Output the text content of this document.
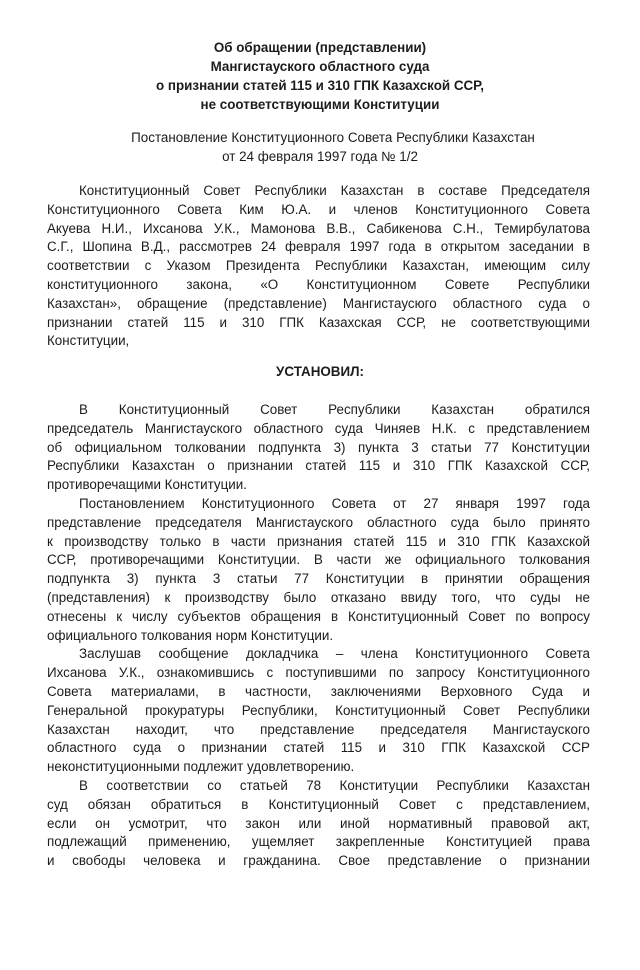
Об обращении (представлении)
Мангистауского областного суда
о признании статей 115 и 310 ГПК Казахской ССР,
не соответствующими Конституции
Постановление Конституционного Совета Республики Казахстан
от 24 февраля 1997 года № 1/2
Конституционный Совет Республики Казахстан в составе Председателя
Конституционного Совета Ким Ю.А. и членов Конституционного Совета
Акуева Н.И., Ихсанова У.К., Мамонова В.В., Сабикенова С.Н., Темирбулатова
С.Г., Шопина В.Д., рассмотрев 24 февраля 1997 года в открытом заседании в
соответствии с Указом Президента Республики Казахстан, имеющим силу
конституционного закона, «О Конституционном Совете Республики
Казахстан», обращение (представление) Мангистаусюго областного суда о
признании статей 115 и 310 ГПК Казахская ССР, не соответствующими
Конституции,
УСТАНОВИЛ:
В Конституционный Совет Республики Казахстан обратился
председатель Мангистауского областного суда Чиняев Н.К. с представлением
об официальном толковании подпункта 3) пункта 3 статьи 77 Конституции
Республики Казахстан о признании статей 115 и 310 ГПК Казахской ССР,
противоречащими Конституции.
Постановлением Конституционного Совета от 27 января 1997 года
представление председателя Мангистауского областного суда было принято
к производству только в части признания статей 115 и 310 ГПК Казахской
ССР, противоречащими Конституции. В части же официального толкования
подпункта 3) пункта 3 статьи 77 Конституции в принятии обращения
(представления) к производству было отказано ввиду того, что суды не
отнесены к числу субъектов обращения в Конституционный Совет по вопросу
официального толкования норм Конституции.
Заслушав сообщение докладчика – члена Конституционного Совета
Ихсанова У.К., ознакомившись с поступившими по запросу Конституционного
Совета материалами, в частности, заключениями Верховного Суда и
Генеральной прокуратуры Республики, Конституционный Совет Республики
Казахстан находит, что представление председателя Мангистауского
областного суда о признании статей 115 и 310 ГПК Казахской ССР
неконституционными подлежит удовлетворению.
В соответствии со статьей 78 Конституции Республики Казахстан
суд обязан обратиться в Конституционный Совет с представлением,
если он усмотрит, что закон или иной нормативный правовой акт,
подлежащий применению, ущемляет закрепленные Конституцией права
и свободы человека и гражданина. Свое представление о признании
